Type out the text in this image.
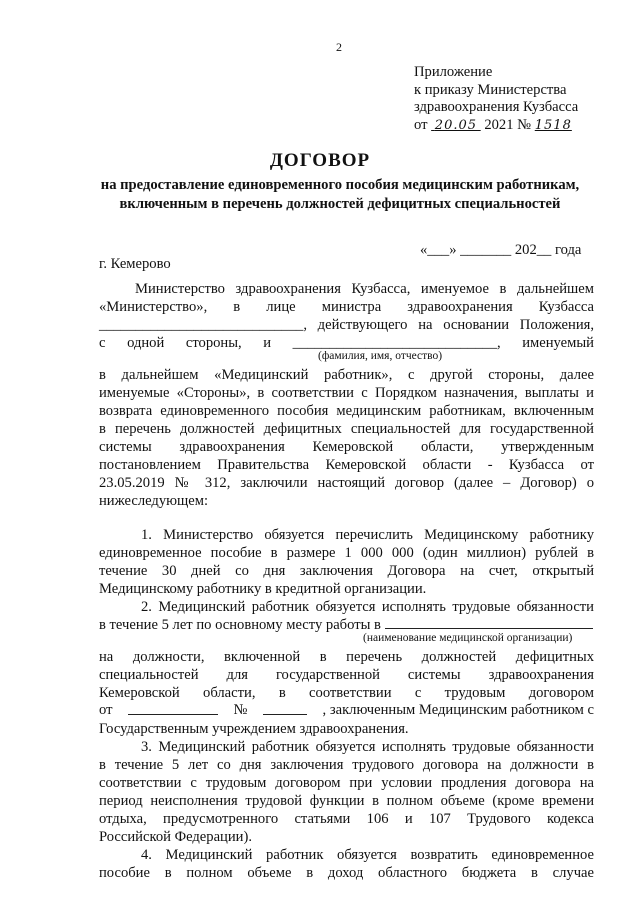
2
Приложение
к приказу Министерства
здравоохранения Кузбасса
от 20.05 2021 № 1518
ДОГОВОР
на предоставление единовременного пособия медицинским работникам, включенным в перечень должностей дефицитных специальностей
«___» _______ 202__ года
г. Кемерово
Министерство здравоохранения Кузбасса, именуемое в дальнейшем
«Министерство», в лице министра здравоохранения Кузбасса
____________________________, действующего на основании Положения,
с одной стороны, и ____________________________, именуемый
(фамилия, имя, отчество)
в дальнейшем «Медицинский работник», с другой стороны, далее
именуемые «Стороны», в соответствии с Порядком назначения, выплаты и
возврата единовременного пособия медицинским работникам, включенным
в перечень должностей дефицитных специальностей для государственной
системы здравоохранения Кемеровской области, утвержденным
постановлением Правительства Кемеровской области - Кузбасса от
23.05.2019 № 312, заключили настоящий договор (далее – Договор) о
нижеследующем:
1. Министерство обязуется перечислить Медицинскому работнику
единовременное пособие в размере 1 000 000 (один миллион) рублей в
течение 30 дней со дня заключения Договора на счет, открытый
Медицинскому работнику в кредитной организации.
2. Медицинский работник обязуется исполнять трудовые обязанности
в течение 5 лет по основному месту работы в
(наименование медицинской организации)
на должности, включенной в перечень должностей дефицитных
специальностей для государственной системы здравоохранения
Кемеровской области, в соответствии с трудовым договором
от	№	, заключенным Медицинским работником с
Государственным учреждением здравоохранения.
3. Медицинский работник обязуется исполнять трудовые обязанности
в течение 5 лет со дня заключения трудового договора на должности в
соответствии с трудовым договором при условии продления договора на
период неисполнения трудовой функции в полном объеме (кроме времени
отдыха, предусмотренного статьями 106 и 107 Трудового кодекса
Российской Федерации).
4. Медицинский работник обязуется возвратить единовременное
пособие в полном объеме в доход областного бюджета в случае
